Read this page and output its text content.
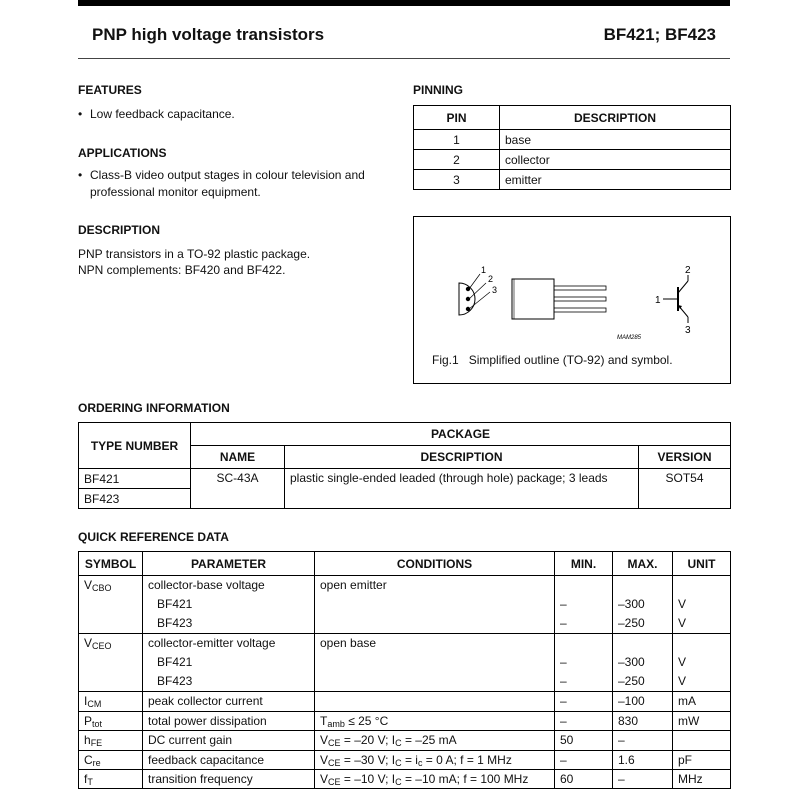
PNP high voltage transistors	BF421; BF423
FEATURES
• Low feedback capacitance.
APPLICATIONS
• Class-B video output stages in colour television and professional monitor equipment.
DESCRIPTION
PNP transistors in a TO-92 plastic package.
NPN complements: BF420 and BF422.
PINNING
PIN	DESCRIPTION
1	base
2	collector
3	emitter
1
2
3
MAM285
1
2
3
Fig.1 Simplified outline (TO-92) and symbol.
ORDERING INFORMATION
TYPE NUMBER	PACKAGE		
	NAME	DESCRIPTION	VERSION
BF421	SC-43A	plastic single-ended leaded (through hole) package; 3 leads	SOT54
BF423			
QUICK REFERENCE DATA
SYMBOL	PARAMETER	CONDITIONS	MIN.	MAX.	UNIT
$V_{CBO}$	collector-base voltage	open emitter			
	BF421		–	–300	V
	BF423		–	–250	V
$V_{CEO}$	collector-emitter voltage	open base			
	BF421		–	–300	V
	BF423		–	–250	V
$I_{CM}$	peak collector current		–	–100	mA
$P_{tot}$	total power dissipation	$T_{amb} \le 25$ °C	–	830	mW
$h_{FE}$	DC current gain	$V_{CE} = -20$ V; $I_C = -25$ mA	50	–	
$C_{re}$	feedback capacitance	$V_{CE} = -30$ V; $I_C = i_c = 0$ A; f = 1 MHz	–	1.6	pF
$f_T$	transition frequency	$V_{CE} = -10$ V; $I_C = -10$ mA; f = 100 MHz	60	–	MHz
